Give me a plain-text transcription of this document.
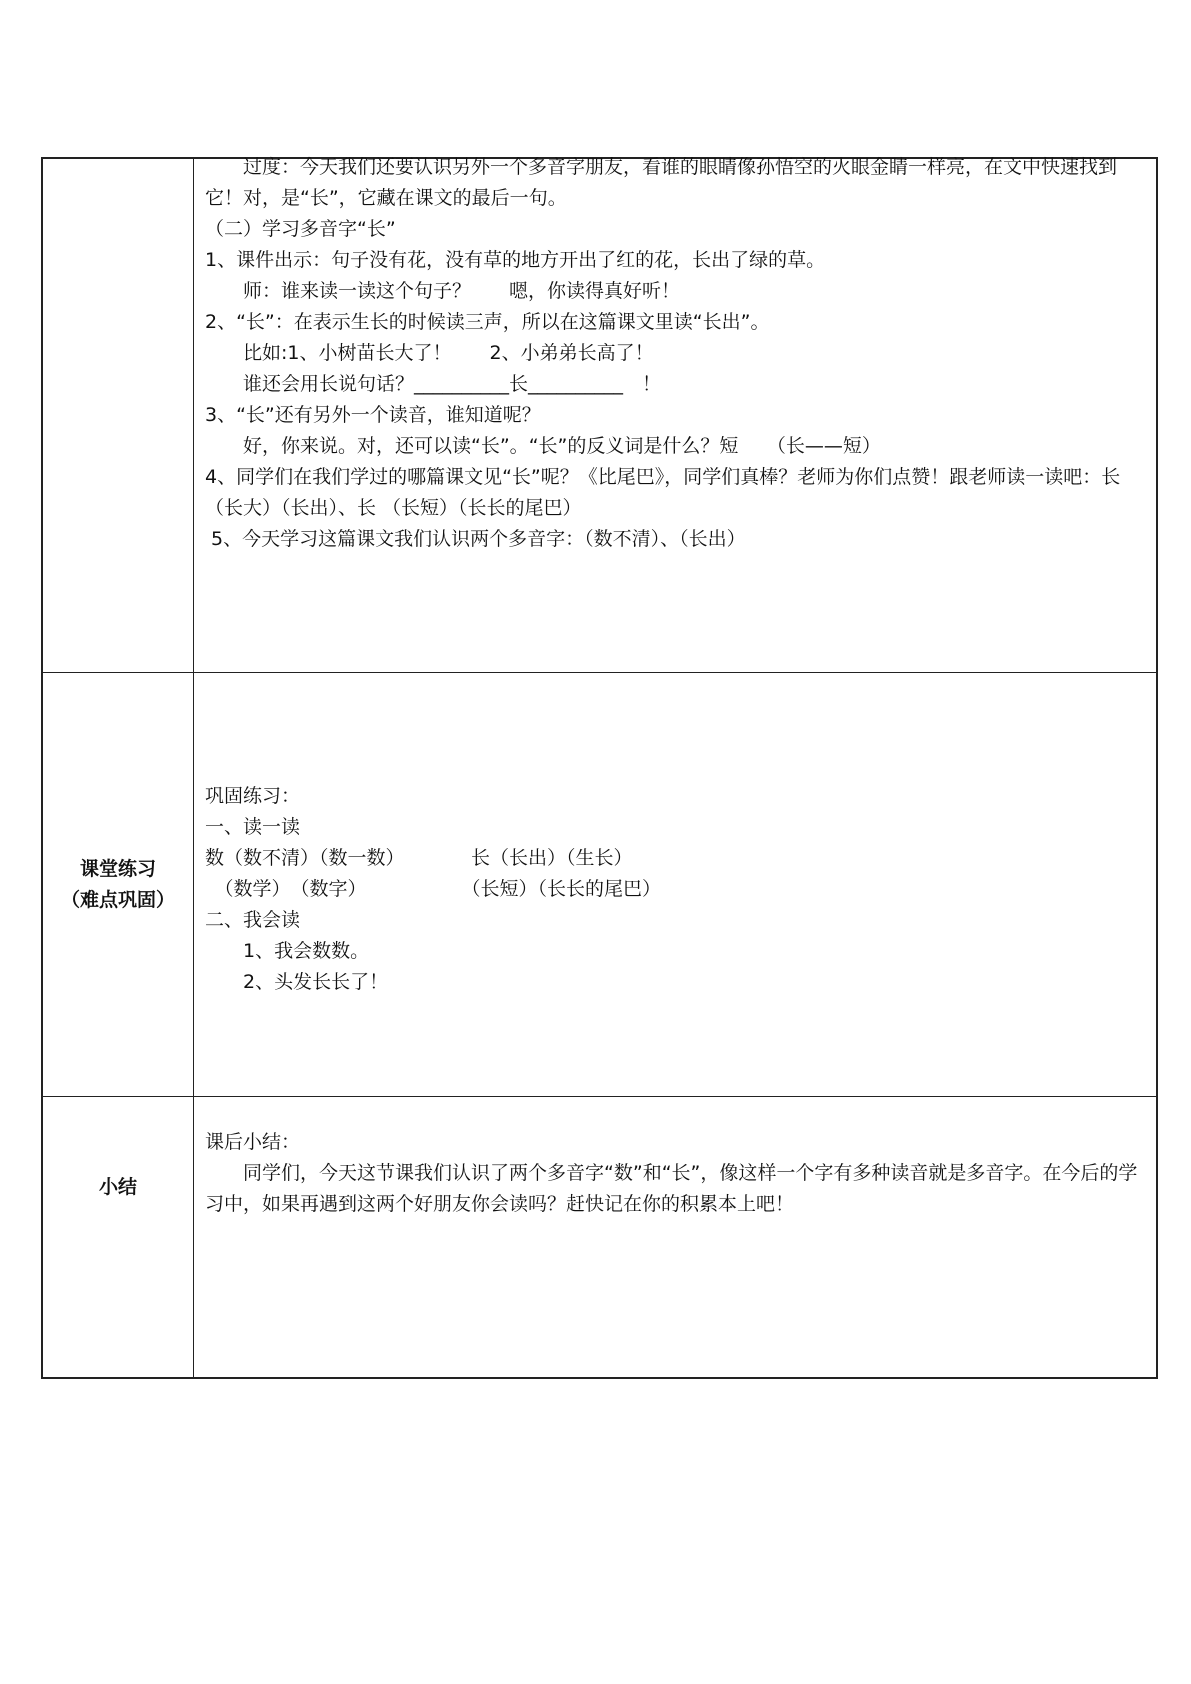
　　过度：今天我们还要认识另外一个多音字朋友，看谁的眼睛像孙悟空的火眼金睛一样亮，在文中快速找到它！对，是“长”，它藏在课文的最后一句。
（二）学习多音字“长”
1、课件出示：句子没有花，没有草的地方开出了红的花，长出了绿的草。
　　师：谁来读一读这个句子？　　嗯，你读得真好听！
2、“长”：在表示生长的时候读三声，所以在这篇课文里读“长出”。
　　比如:1、小树苗长大了！　　2、小弟弟长高了！
　　谁还会用长说句话？__________长__________　！
3、“长”还有另外一个读音，谁知道呢？
　　好，你来说。对，还可以读“长”。“长”的反义词是什么？短　　（长——短）
4、同学们在我们学过的哪篇课文见“长”呢？《比尾巴》，同学们真棒？老师为你们点赞！跟老师读一读吧：长（长大）（长出）、长 （长短）（长长的尾巴）
5、今天学习这篇课文我们认识两个多音字：（数不清）、（长出）
课堂练习
（难点巩固）
巩固练习：
一、读一读
数（数不清）（数一数）　　　　长（长出）（生长）
　（数学）　（数字）　　　　　　（长短）（长长的尾巴）
二、我会读
　　1、我会数数。
　　2、头发长长了！
小结
课后小结：
　　同学们，今天这节课我们认识了两个多音字“数”和“长”，像这样一个字有多种读音就是多音字。在今后的学习中，如果再遇到这两个好朋友你会读吗？赶快记在你的积累本上吧！
